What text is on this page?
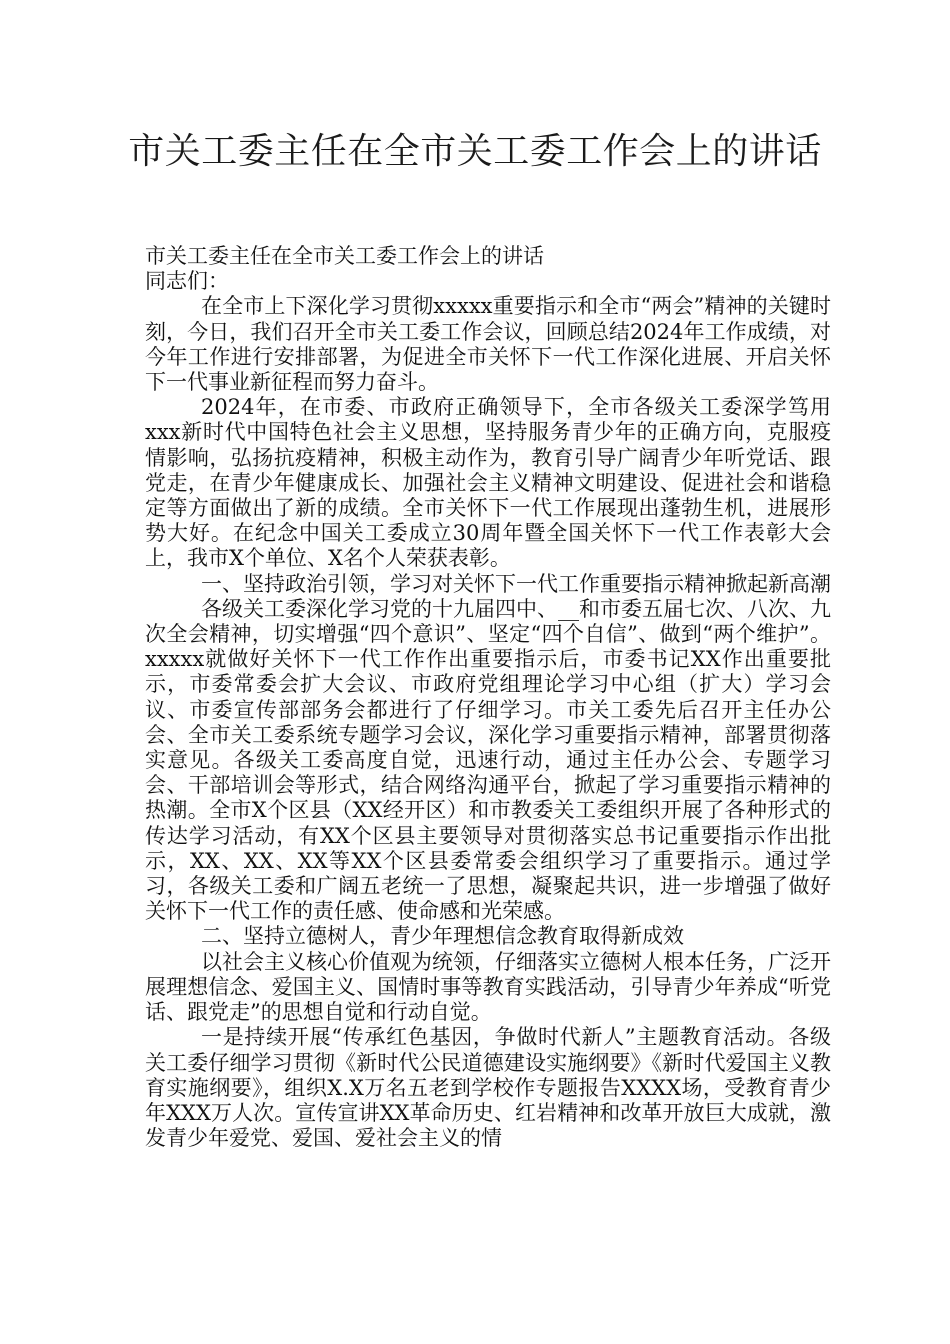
市关工委主任在全市关工委工作会上的讲话

市关工委主任在全市关工委工作会上的讲话

同志们：

在全市上下深化学习贯彻xxxxx重要指示和全市“两会”精神的关键时刻，今日，我们召开全市关工委工作会议，回顾总结2024年工作成绩，对今年工作进行安排部署，为促进全市关怀下一代工作深化进展、开启关怀下一代事业新征程而努力奋斗。

2024年，在市委、市政府正确领导下，全市各级关工委深学笃用xxx新时代中国特色社会主义思想，坚持服务青少年的正确方向，克服疫情影响，弘扬抗疫精神，积极主动作为，教育引导广阔青少年听党话、跟党走，在青少年健康成长、加强社会主义精神文明建设、促进社会和谐稳定等方面做出了新的成绩。全市关怀下一代工作展现出蓬勃生机，进展形势大好。在纪念中国关工委成立30周年暨全国关怀下一代工作表彰大会上，我市X个单位、X名个人荣获表彰。

一、坚持政治引领，学习对关怀下一代工作重要指示精神掀起新高潮

各级关工委深化学习党的十九届四中、__和市委五届七次、八次、九次全会精神，切实增强“四个意识”、坚定“四个自信”、做到“两个维护”。xxxxx就做好关怀下一代工作作出重要指示后，市委书记XX作出重要批示，市委常委会扩大会议、市政府党组理论学习中心组（扩大）学习会议、市委宣传部部务会都进行了仔细学习。市关工委先后召开主任办公会、全市关工委系统专题学习会议，深化学习重要指示精神，部署贯彻落实意见。各级关工委高度自觉，迅速行动，通过主任办公会、专题学习会、干部培训会等形式，结合网络沟通平台，掀起了学习重要指示精神的热潮。全市X个区县（XX经开区）和市教委关工委组织开展了各种形式的传达学习活动，有XX个区县主要领导对贯彻落实总书记重要指示作出批示，XX、XX、XX等XX个区县委常委会组织学习了重要指示。通过学习，各级关工委和广阔五老统一了思想，凝聚起共识，进一步增强了做好关怀下一代工作的责任感、使命感和光荣感。

二、坚持立德树人，青少年理想信念教育取得新成效

以社会主义核心价值观为统领，仔细落实立德树人根本任务，广泛开展理想信念、爱国主义、国情时事等教育实践活动，引导青少年养成“听党话、跟党走”的思想自觉和行动自觉。

一是持续开展“传承红色基因，争做时代新人”主题教育活动。各级关工委仔细学习贯彻《新时代公民道德建设实施纲要》《新时代爱国主义教育实施纲要》，组织X.X万名五老到学校作专题报告XXXX场，受教育青少年XXX万人次。宣传宣讲XX革命历史、红岩精神和改革开放巨大成就，激发青少年爱党、爱国、爱社会主义的情
